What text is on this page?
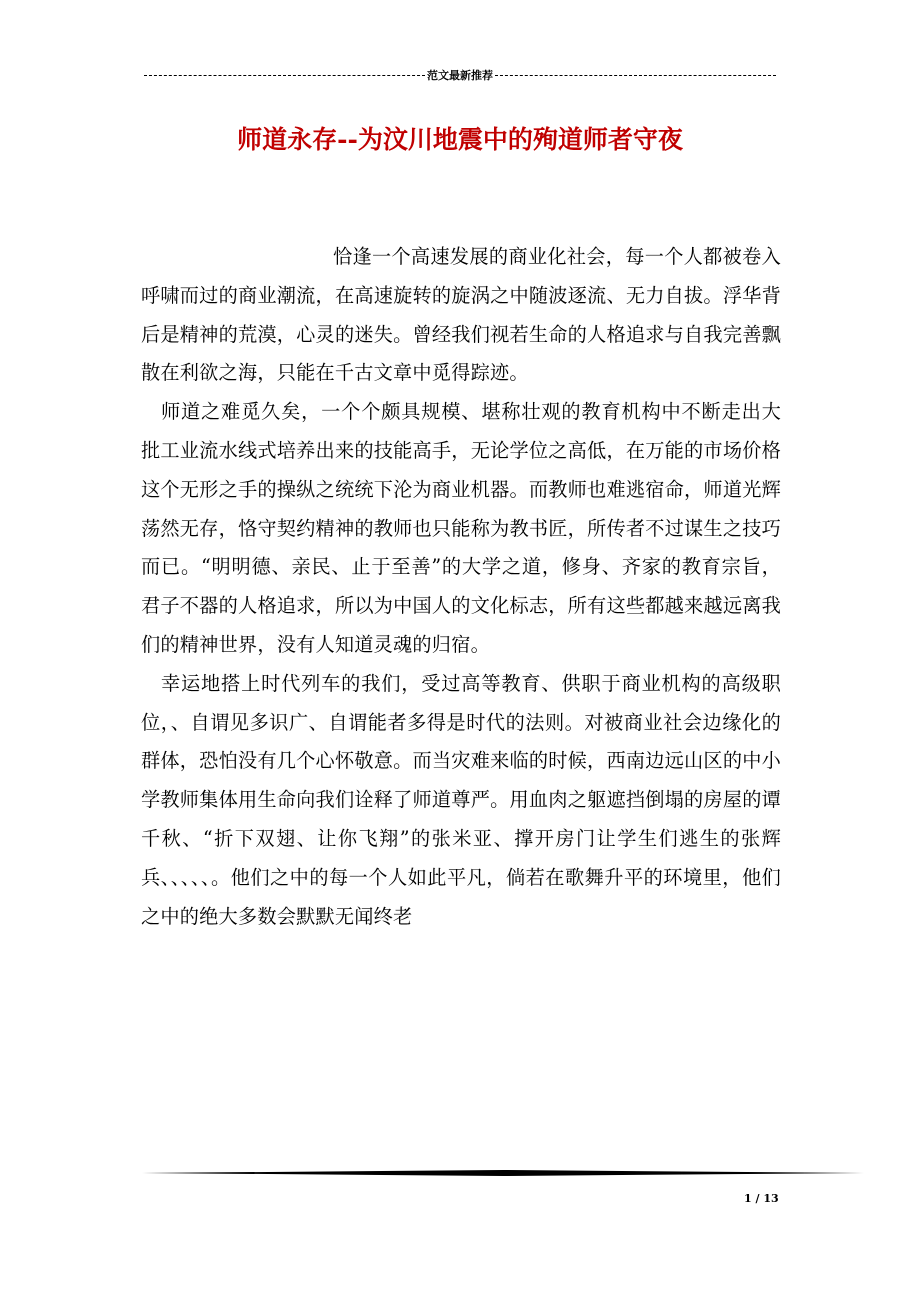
范文最新推荐
师道永存--为汶川地震中的殉道师者守夜

恰逢一个高速发展的商业化社会，每一个人都被卷入呼啸而过的商业潮流，在高速旋转的旋涡之中随波逐流、无力自拔。浮华背后是精神的荒漠，心灵的迷失。曾经我们视若生命的人格追求与自我完善飘散在利欲之海，只能在千古文章中觅得踪迹。

师道之难觅久矣，一个个颇具规模、堪称壮观的教育机构中不断走出大批工业流水线式培养出来的技能高手，无论学位之高低，在万能的市场价格这个无形之手的操纵之统统下沦为商业机器。而教师也难逃宿命，师道光辉荡然无存，恪守契约精神的教师也只能称为教书匠，所传者不过谋生之技巧而已。“明明德、亲民、止于至善”的大学之道，修身、齐家的教育宗旨，君子不器的人格追求，所以为中国人的文化标志，所有这些都越来越远离我们的精神世界，没有人知道灵魂的归宿。

幸运地搭上时代列车的我们，受过高等教育、供职于商业机构的高级职位，、自谓见多识广、自谓能者多得是时代的法则。对被商业社会边缘化的群体，恐怕没有几个心怀敬意。而当灾难来临的时候，西南边远山区的中小学教师集体用生命向我们诠释了师道尊严。用血肉之躯遮挡倒塌的房屋的谭千秋、“折下双翅、让你飞翔”的张米亚、撑开房门让学生们逃生的张辉兵、、、、、。他们之中的每一个人如此平凡，倘若在歌舞升平的环境里，他们之中的绝大多数会默默无闻终老

1 / 13
